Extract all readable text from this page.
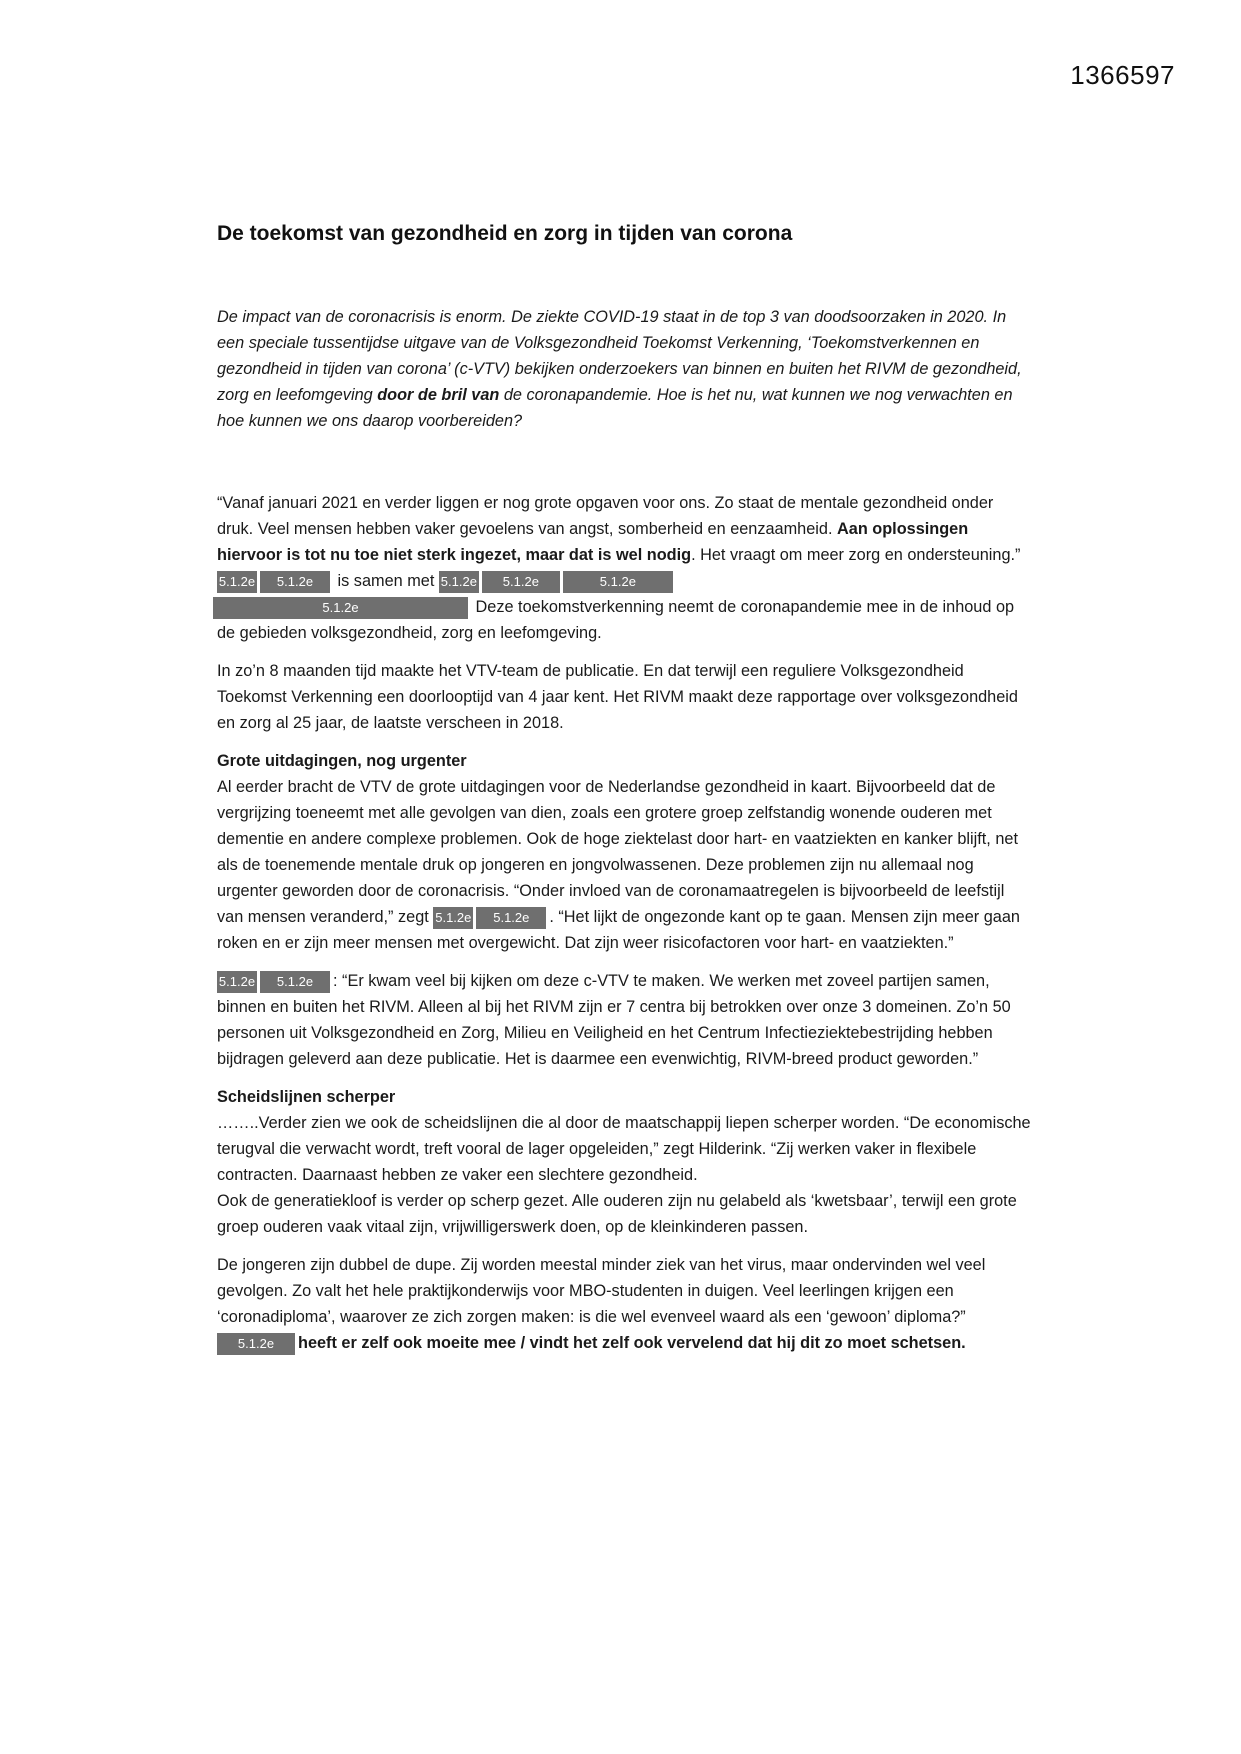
1366597
De toekomst van gezondheid en zorg in tijden van corona

De impact van de coronacrisis is enorm. De ziekte COVID-19 staat in de top 3 van doodsoorzaken in 2020. In een speciale tussentijdse uitgave van de Volksgezondheid Toekomst Verkenning, ‘Toekomstverkennen en gezondheid in tijden van corona’ (c-VTV) bekijken onderzoekers van binnen en buiten het RIVM de gezondheid, zorg en leefomgeving door de bril van de coronapandemie. Hoe is het nu, wat kunnen we nog verwachten en hoe kunnen we ons daarop voorbereiden?

“Vanaf januari 2021 en verder liggen er nog grote opgaven voor ons. Zo staat de mentale gezondheid onder druk. Veel mensen hebben vaker gevoelens van angst, somberheid en eenzaamheid. Aan oplossingen hiervoor is tot nu toe niet sterk ingezet, maar dat is wel nodig. Het vraagt om meer zorg en ondersteuning.” 5.1.2e 5.1.2e is samen met 5.1.2e 5.1.2e	5.1.2e
5.1.2e	Deze toekomstverkenning neemt de coronapandemie mee in de inhoud op de gebieden volksgezondheid, zorg en leefomgeving.

In zo’n 8 maanden tijd maakte het VTV-team de publicatie. En dat terwijl een reguliere Volksgezondheid Toekomst Verkenning een doorlooptijd van 4 jaar kent. Het RIVM maakt deze rapportage over volksgezondheid en zorg al 25 jaar, de laatste verscheen in 2018.

Grote uitdagingen, nog urgenter

Al eerder bracht de VTV de grote uitdagingen voor de Nederlandse gezondheid in kaart. Bijvoorbeeld dat de vergrijzing toeneemt met alle gevolgen van dien, zoals een grotere groep zelfstandig wonende ouderen met dementie en andere complexe problemen. Ook de hoge ziektelast door hart- en vaatziekten en kanker blijft, net als de toenemende mentale druk op jongeren en jongvolwassenen. Deze problemen zijn nu allemaal nog urgenter geworden door de coronacrisis. “Onder invloed van de coronamaatregelen is bijvoorbeeld de leefstijl van mensen veranderd,” zegt 5.1.2e 5.1.2e . “Het lijkt de ongezonde kant op te gaan. Mensen zijn meer gaan roken en er zijn meer mensen met overgewicht. Dat zijn weer risicofactoren voor hart- en vaatziekten.”

5.1.2e 5.1.2e : “Er kwam veel bij kijken om deze c-VTV te maken. We werken met zoveel partijen samen, binnen en buiten het RIVM. Alleen al bij het RIVM zijn er 7 centra bij betrokken over onze 3 domeinen. Zo’n 50 personen uit Volksgezondheid en Zorg, Milieu en Veiligheid en het Centrum Infectieziektebestrijding hebben bijdragen geleverd aan deze publicatie. Het is daarmee een evenwichtig, RIVM-breed product geworden.”

Scheidslijnen scherper

……..Verder zien we ook de scheidslijnen die al door de maatschappij liepen scherper worden. “De economische terugval die verwacht wordt, treft vooral de lager opgeleiden,” zegt Hilderink. “Zij werken vaker in flexibele contracten. Daarnaast hebben ze vaker een slechtere gezondheid.
Ook de generatiekloof is verder op scherp gezet. Alle ouderen zijn nu gelabeld als ‘kwetsbaar’, terwijl een grote groep ouderen vaak vitaal zijn, vrijwilligerswerk doen, op de kleinkinderen passen.

De jongeren zijn dubbel de dupe. Zij worden meestal minder ziek van het virus, maar ondervinden wel veel gevolgen. Zo valt het hele praktijkonderwijs voor MBO-studenten in duigen. Veel leerlingen krijgen een ‘coronadiploma’, waarover ze zich zorgen maken: is die wel evenveel waard als een ‘gewoon’ diploma?”
5.1.2e heeft er zelf ook moeite mee / vindt het zelf ook vervelend dat hij dit zo moet schetsen.
